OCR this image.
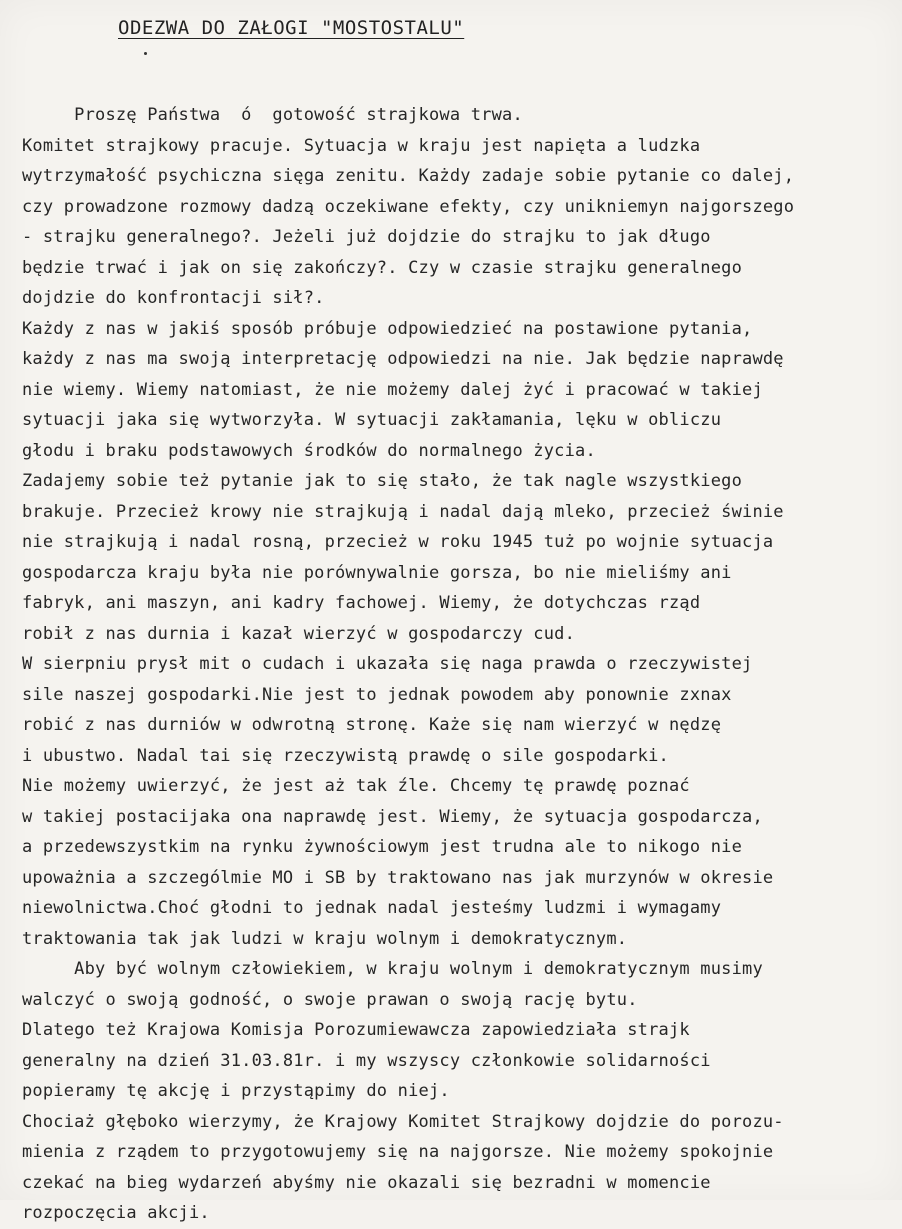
ODEZWA DO ZAŁOGI "MOSTOSTALU"
Proszę Państwa  ó  gotowość strajkowa trwa.
Komitet strajkowy pracuje. Sytuacja w kraju jest napięta a ludzka
wytrzymałość psychiczna sięga zenitu. Każdy zadaje sobie pytanie co dalej,
czy prowadzone rozmowy dadzą oczekiwane efekty, czy unikniemyn najgorszego
- strajku generalnego?. Jeżeli już dojdzie do strajku to jak długo
będzie trwać i jak on się zakończy?. Czy w czasie strajku generalnego
dojdzie do konfrontacji sił?.
Każdy z nas w jakiś sposób próbuje odpowiedzieć na postawione pytania,
każdy z nas ma swoją interpretację odpowiedzi na nie. Jak będzie naprawdę
nie wiemy. Wiemy natomiast, że nie możemy dalej żyć i pracować w takiej
sytuacji jaka się wytworzyła. W sytuacji zakłamania, lęku w obliczu
głodu i braku podstawowych środków do normalnego życia.
Zadajemy sobie też pytanie jak to się stało, że tak nagle wszystkiego
brakuje. Przecież krowy nie strajkują i nadal dają mleko, przecież świnie
nie strajkują i nadal rosną, przecież w roku 1945 tuż po wojnie sytuacja
gospodarcza kraju była nie porównywalnie gorsza, bo nie mieliśmy ani
fabryk, ani maszyn, ani kadry fachowej. Wiemy, że dotychczas rząd
robił z nas durnia i kazał wierzyć w gospodarczy cud.
W sierpniu prysł mit o cudach i ukazała się naga prawda o rzeczywistej
sile naszej gospodarki.Nie jest to jednak powodem aby ponownie zxnax
robić z nas durniów w odwrotną stronę. Każe się nam wierzyć w nędzę
i ubustwo. Nadal tai się rzeczywistą prawdę o sile gospodarki.
Nie możemy uwierzyć, że jest aż tak źle. Chcemy tę prawdę poznać
w takiej postacijaka ona naprawdę jest. Wiemy, że sytuacja gospodarcza,
a przedewszystkim na rynku żywnościowym jest trudna ale to nikogo nie
upoważnia a szczególmie MO i SB by traktowano nas jak murzynów w okresie
niewolnictwa.Choć głodni to jednak nadal jesteśmy ludzmi i wymagamy
traktowania tak jak ludzi w kraju wolnym i demokratycznym.
Aby być wolnym człowiekiem, w kraju wolnym i demokratycznym musimy
walczyć o swoją godność, o swoje prawan o swoją rację bytu.
Dlatego też Krajowa Komisja Porozumiewawcza zapowiedziała strajk
generalny na dzień 31.03.81r. i my wszyscy członkowie solidarności
popieramy tę akcję i przystąpimy do niej.
Chociaż głęboko wierzymy, że Krajowy Komitet Strajkowy dojdzie do porozu-
mienia z rządem to przygotowujemy się na najgorsze. Nie możemy spokojnie
czekać na bieg wydarzeń abyśmy nie okazali się bezradni w momencie
rozpoczęcia akcji.
